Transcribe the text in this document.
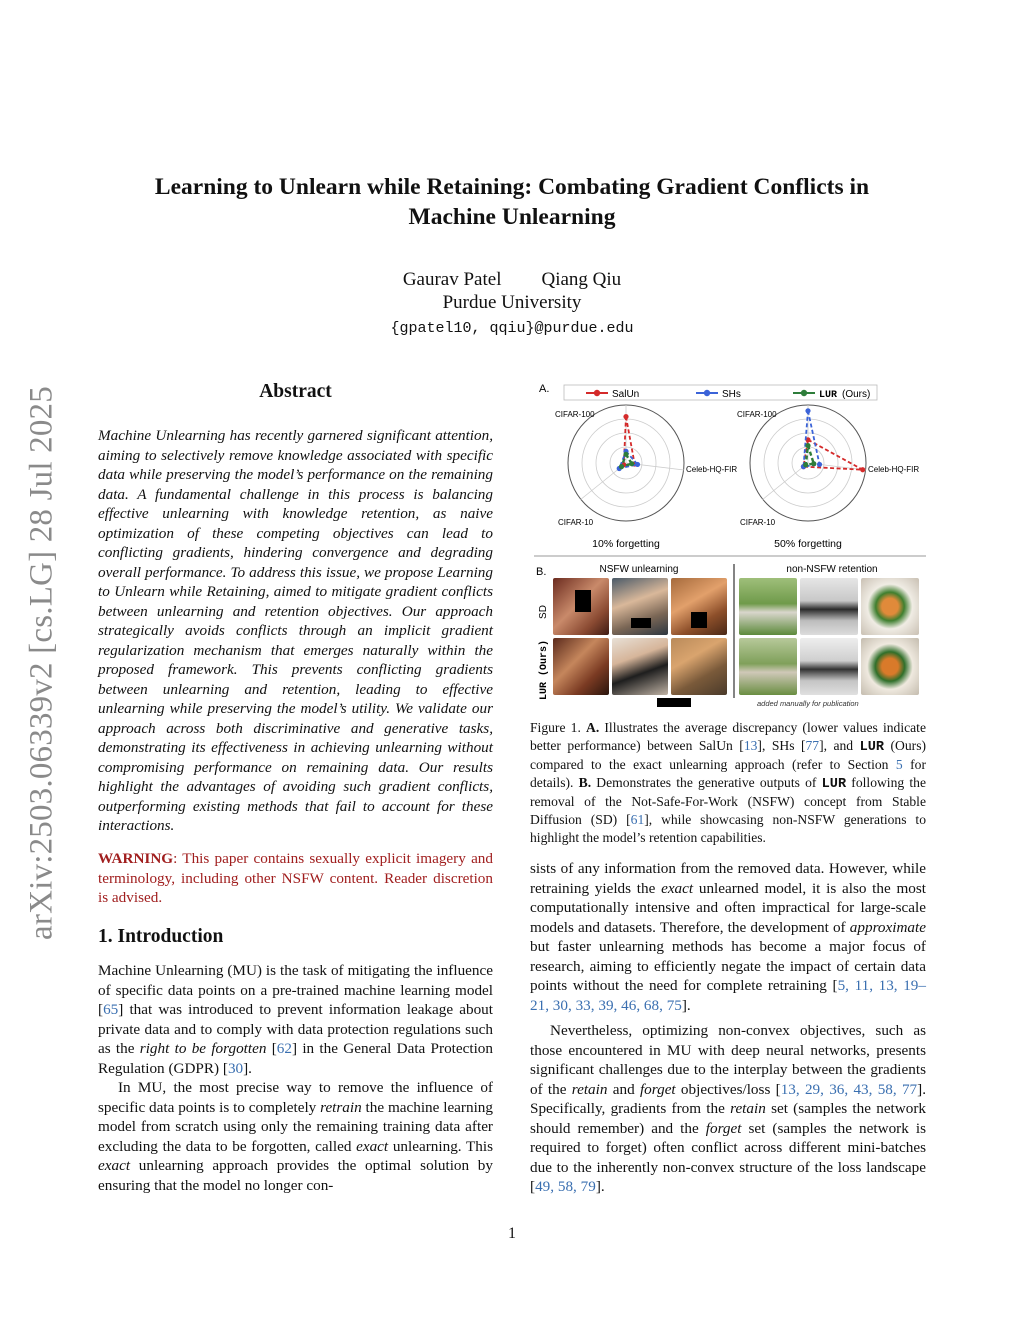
arXiv:2503.06339v2 [cs.LG] 28 Jul 2025
Learning to Unlearn while Retaining: Combating Gradient Conflicts in Machine Unlearning
Gaurav Patel Qiang Qiu
Purdue University
{gpatel10, qqiu}@purdue.edu
Abstract
Machine Unlearning has recently garnered significant attention, aiming to selectively remove knowledge associated with specific data while preserving the model’s performance on the remaining data. A fundamental challenge in this process is balancing effective unlearning with knowledge retention, as naive optimization of these competing objectives can lead to conflicting gradients, hindering convergence and degrading overall performance. To address this issue, we propose Learning to Unlearn while Retaining, aimed to mitigate gradient conflicts between unlearning and retention objectives. Our approach strategically avoids conflicts through an implicit gradient regularization mechanism that emerges naturally within the proposed framework. This prevents conflicting gradients between unlearning and retention, leading to effective unlearning while preserving the model’s utility. We validate our approach across both discriminative and generative tasks, demonstrating its effectiveness in achieving unlearning without compromising performance on remaining data. Our results highlight the advantages of avoiding such gradient conflicts, outperforming existing methods that fail to account for these interactions.
WARNING: This paper contains sexually explicit imagery and terminology, including other NSFW content. Reader discretion is advised.
1. Introduction

Machine Unlearning (MU) is the task of mitigating the influence of specific data points on a pre-trained machine learning model [65] that was introduced to prevent information leakage about private data and to comply with data protection regulations such as the right to be forgotten [62] in the General Data Protection Regulation (GDPR) [30].

In MU, the most precise way to remove the influence of specific data points is to completely retrain the machine learning model from scratch using only the remaining training data after excluding the data to be forgotten, called exact unlearning. This exact unlearning approach provides the optimal solution by ensuring that the model no longer con-

A.	SalUn	SHs	LUR (Ours)
CIFAR-100
Celeb-HQ-FIR
CIFAR-10
10% forgetting
CIFAR-100
Celeb-HQ-FIR
CIFAR-10
50% forgetting
B.	NSFW unlearning	non-NSFW retention
SD
LUR (Ours)
added manually for publication
Figure 1. A. Illustrates the average discrepancy (lower values indicate better performance) between SalUn [13], SHs [77], and LUR (Ours) compared to the exact unlearning approach (refer to Section 5 for details). B. Demonstrates the generative outputs of LUR following the removal of the Not-Safe-For-Work (NSFW) concept from Stable Diffusion (SD) [61], while showcasing non-NSFW generations to highlight the model’s retention capabilities.

sists of any information from the removed data. However, while retraining yields the exact unlearned model, it is also the most computationally intensive and often impractical for large-scale models and datasets. Therefore, the development of approximate but faster unlearning methods has become a major focus of research, aiming to efficiently negate the impact of certain data points without the need for complete retraining [5, 11, 13, 19–21, 30, 33, 39, 46, 68, 75].

Nevertheless, optimizing non-convex objectives, such as those encountered in MU with deep neural networks, presents significant challenges due to the interplay between the gradients of the retain and forget objectives/loss [13, 29, 36, 43, 58, 77]. Specifically, gradients from the retain set (samples the network should remember) and the forget set (samples the network is required to forget) often conflict across different mini-batches due to the inherently non-convex structure of the loss landscape [49, 58, 79].

1
